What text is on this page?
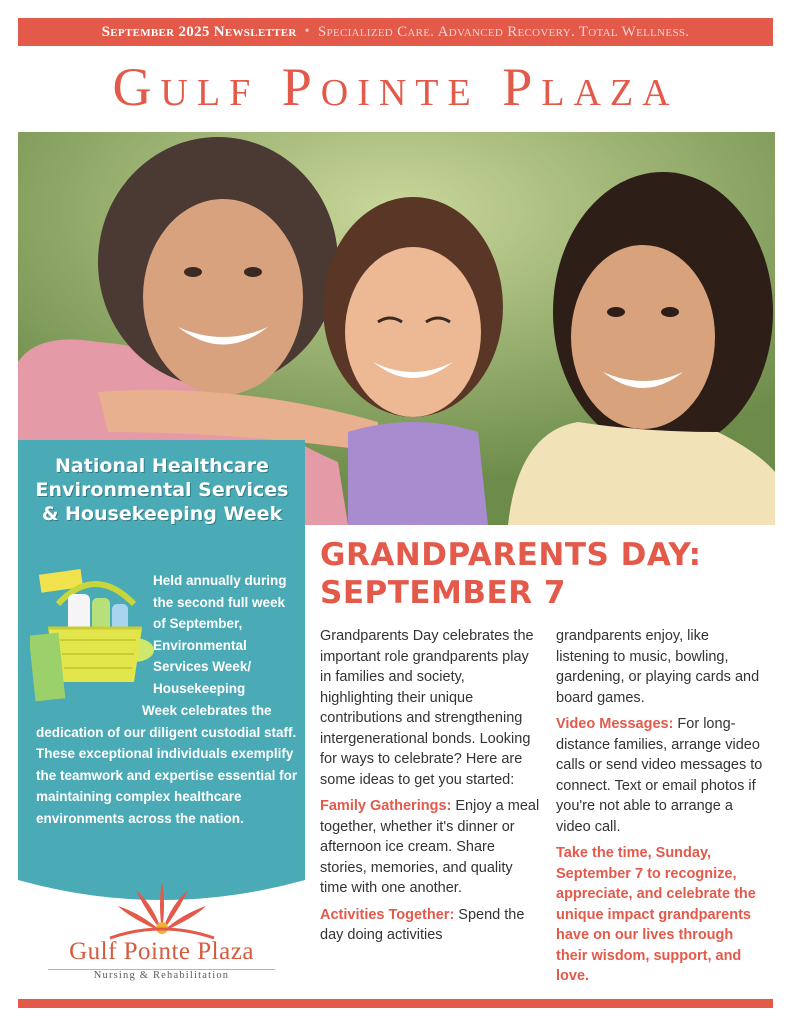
September 2025 Newsletter • Specialized Care. Advanced Recovery. Total Wellness.
Gulf Pointe Plaza
National Healthcare Environmental Services & Housekeeping Week
Held annually during the second full week of September, Environmental Services Week/ Housekeeping
Week celebrates the
dedication of our diligent custodial staff. These exceptional individuals exemplify the teamwork and expertise essential for maintaining complex healthcare environments across the nation.
Gulf Pointe Plaza
Nursing & Rehabilitation
GRANDPARENTS DAY: SEPTEMBER 7

Grandparents Day celebrates the important role grandparents play in families and society, highlighting their unique contributions and strengthening intergenerational bonds. Looking for ways to celebrate? Here are some ideas to get you started:

Family Gatherings: Enjoy a meal together, whether it's dinner or afternoon ice cream. Share stories, memories, and quality time with one another.

Activities Together: Spend the day doing activities

grandparents enjoy, like listening to music, bowling, gardening, or playing cards and board games.

Video Messages: For long-distance families, arrange video calls or send video messages to connect. Text or email photos if you're not able to arrange a video call.

Take the time, Sunday, September 7 to recognize, appreciate, and celebrate the unique impact grandparents have on our lives through their wisdom, support, and love.
